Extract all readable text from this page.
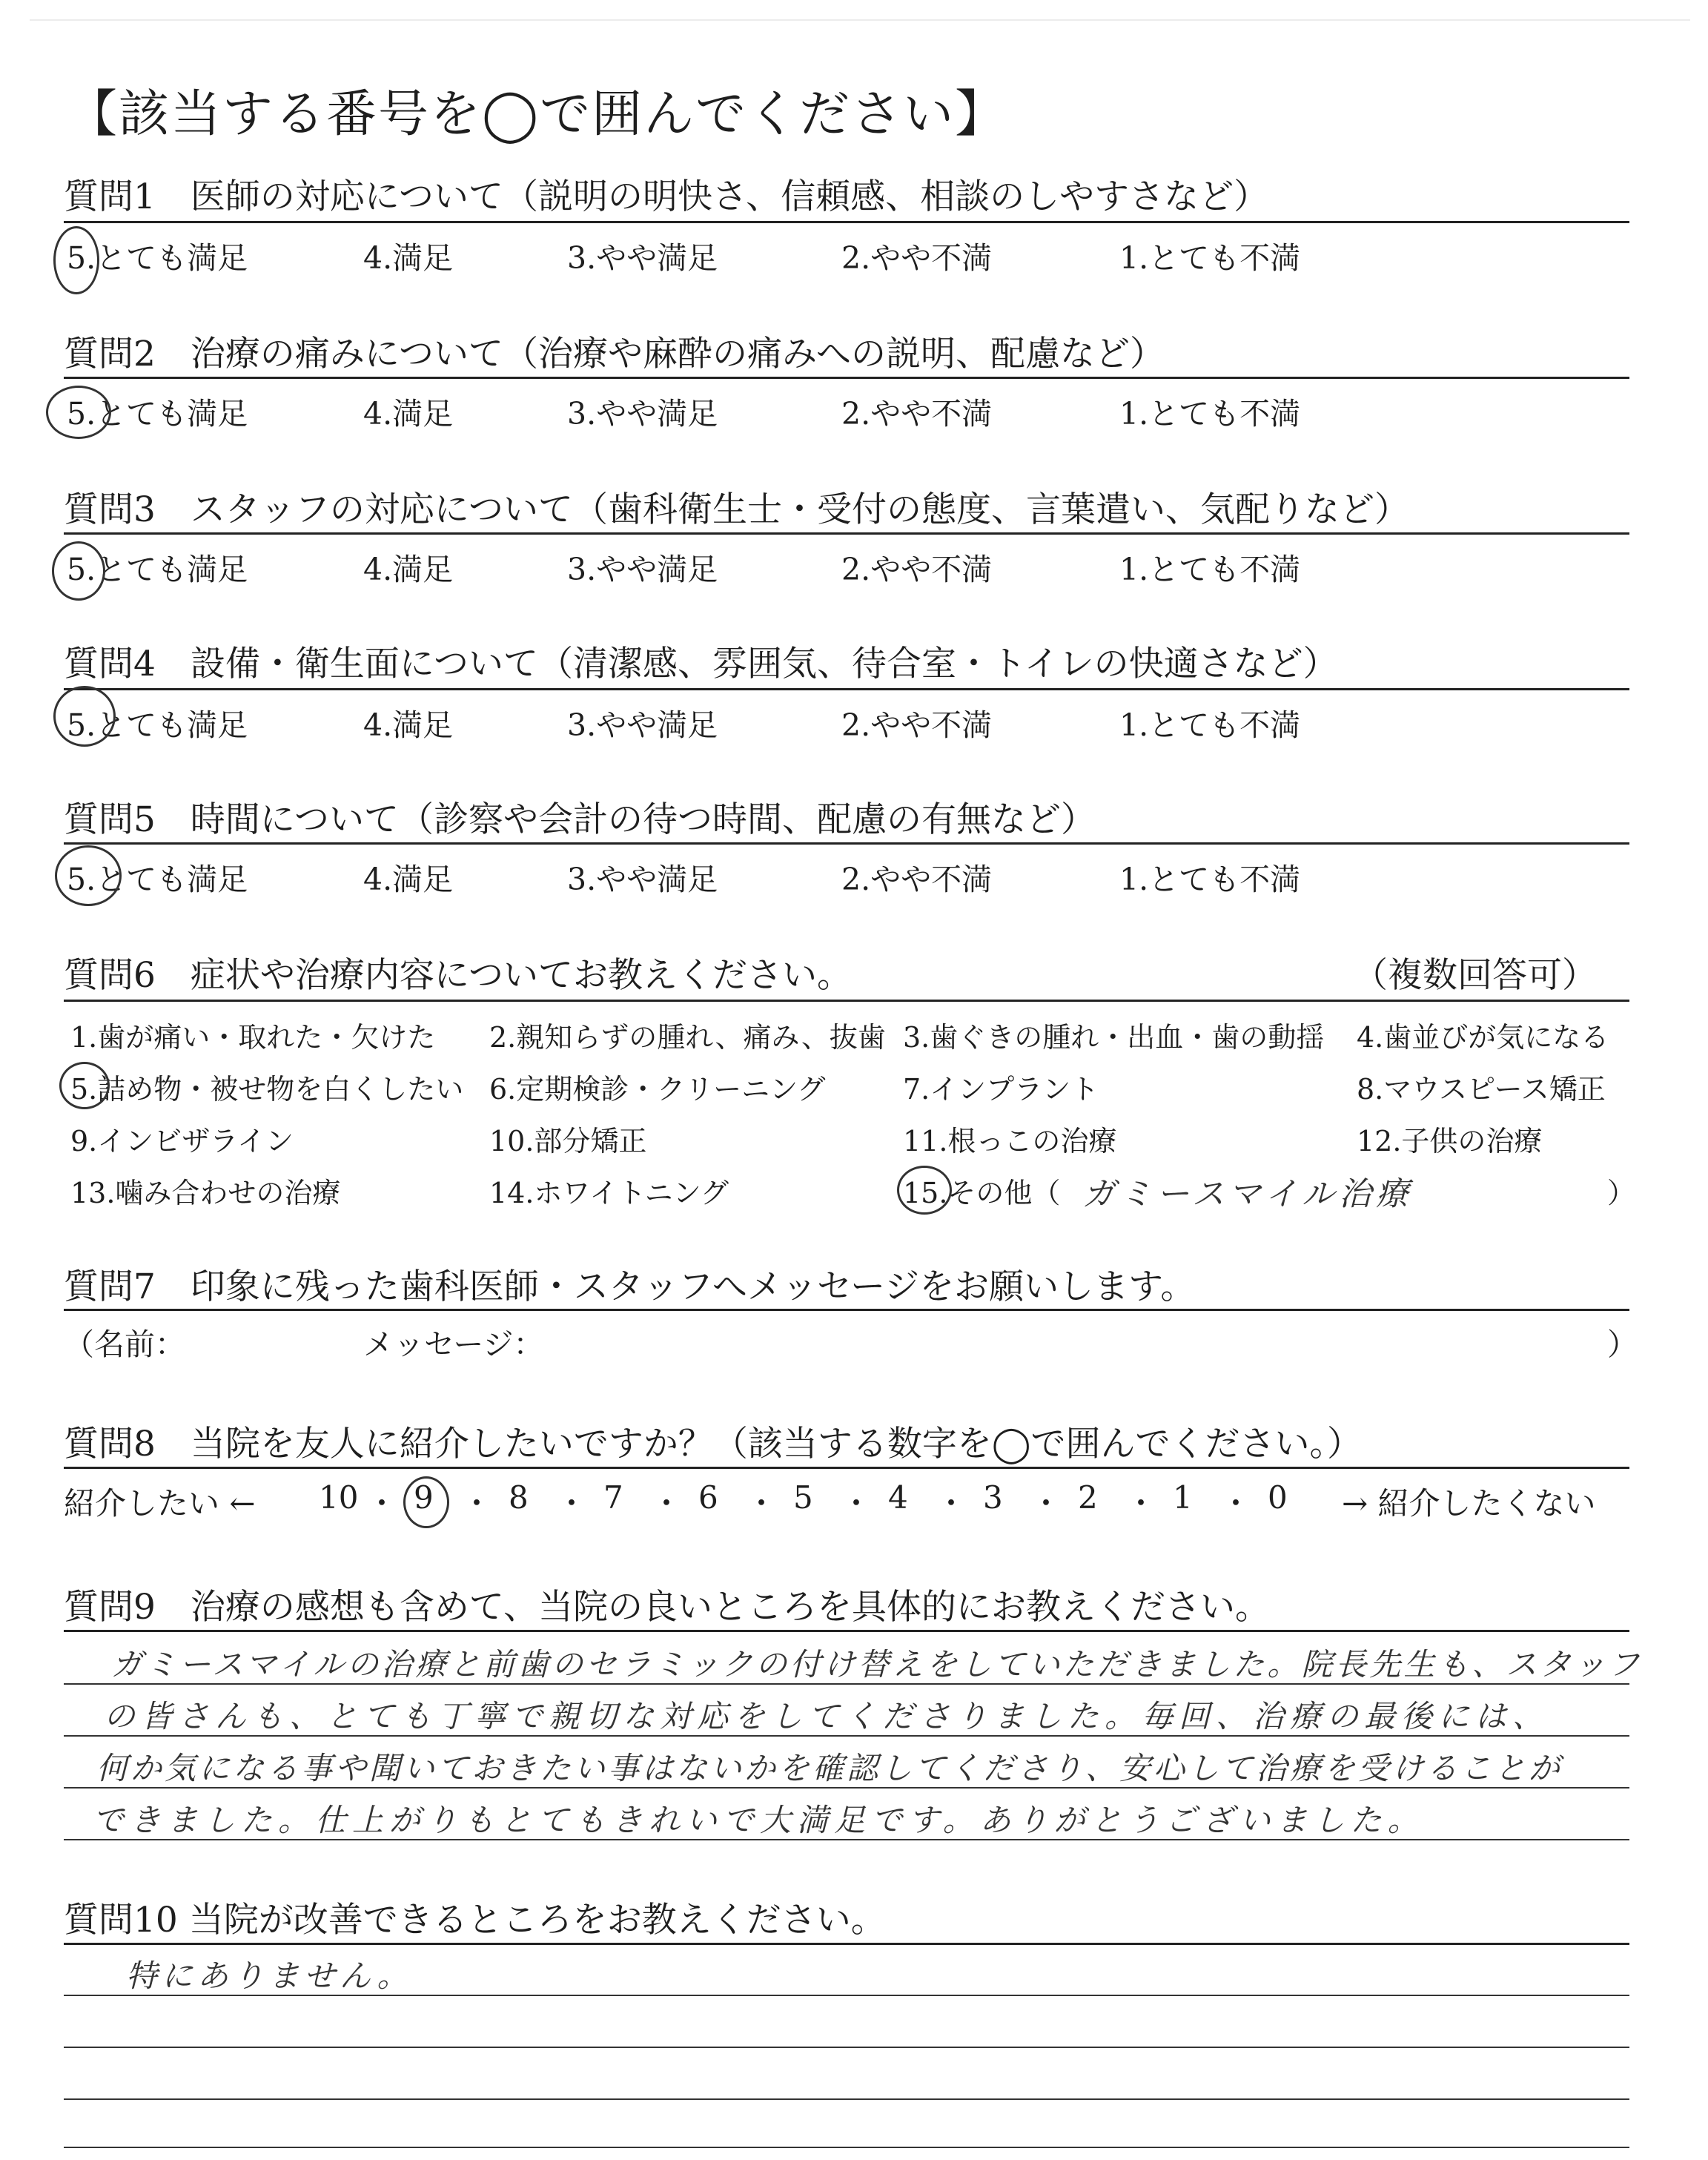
【該当する番号を◯で囲んでください】
質問1　医師の対応について（説明の明快さ、信頼感、相談のしやすさなど）
5.とても満足	4.満足	3.やや満足	2.やや不満	1.とても不満
質問2　治療の痛みについて（治療や麻酔の痛みへの説明、配慮など）
5.とても満足	4.満足	3.やや満足	2.やや不満	1.とても不満
質問3　スタッフの対応について（歯科衛生士・受付の態度、言葉遣い、気配りなど）
5.とても満足	4.満足	3.やや満足	2.やや不満	1.とても不満
質問4　設備・衛生面について（清潔感、雰囲気、待合室・トイレの快適さなど）
5.とても満足	4.満足	3.やや満足	2.やや不満	1.とても不満
質問5　時間について（診察や会計の待つ時間、配慮の有無など）
5.とても満足	4.満足	3.やや満足	2.やや不満	1.とても不満
質問6　症状や治療内容についてお教えください。	（複数回答可）
1.歯が痛い・取れた・欠けた 2.親知らずの腫れ、痛み、抜歯 3.歯ぐきの腫れ・出血・歯の動揺 4.歯並びが気になる
5.詰め物・被せ物を白くしたい 6.定期検診・クリーニング	7.インプラント	8.マウスピース矯正
9.インビザライン	10.部分矯正	11.根っこの治療	12.子供の治療
13.噛み合わせの治療	14.ホワイトニング	15.その他（ ガミースマイル治療	）
質問7　印象に残った歯科医師・スタッフへメッセージをお願いします。
（名前：	メッセージ：	）
質問8　当院を友人に紹介したいですか？（該当する数字を◯で囲んでください。）
紹介したい ←	→ 紹介したくない
10 ・ 9 ・ 8 ・ 7 ・ 6 ・ 5 ・ 4 ・ 3 ・ 2 ・ 1 ・ 0
質問9　治療の感想も含めて、当院の良いところを具体的にお教えください。
ガミースマイルの治療と前歯のセラミックの付け替えをしていただきました。院長先生も、スタッフ
の皆さんも、とても丁寧で親切な対応をしてくださりました。毎回、治療の最後には、
何か気になる事や聞いておきたい事はないかを確認してくださり、安心して治療を受けることが
できました。仕上がりもとてもきれいで大満足です。ありがとうございました。
質問10 当院が改善できるところをお教えください。
特にありません。
